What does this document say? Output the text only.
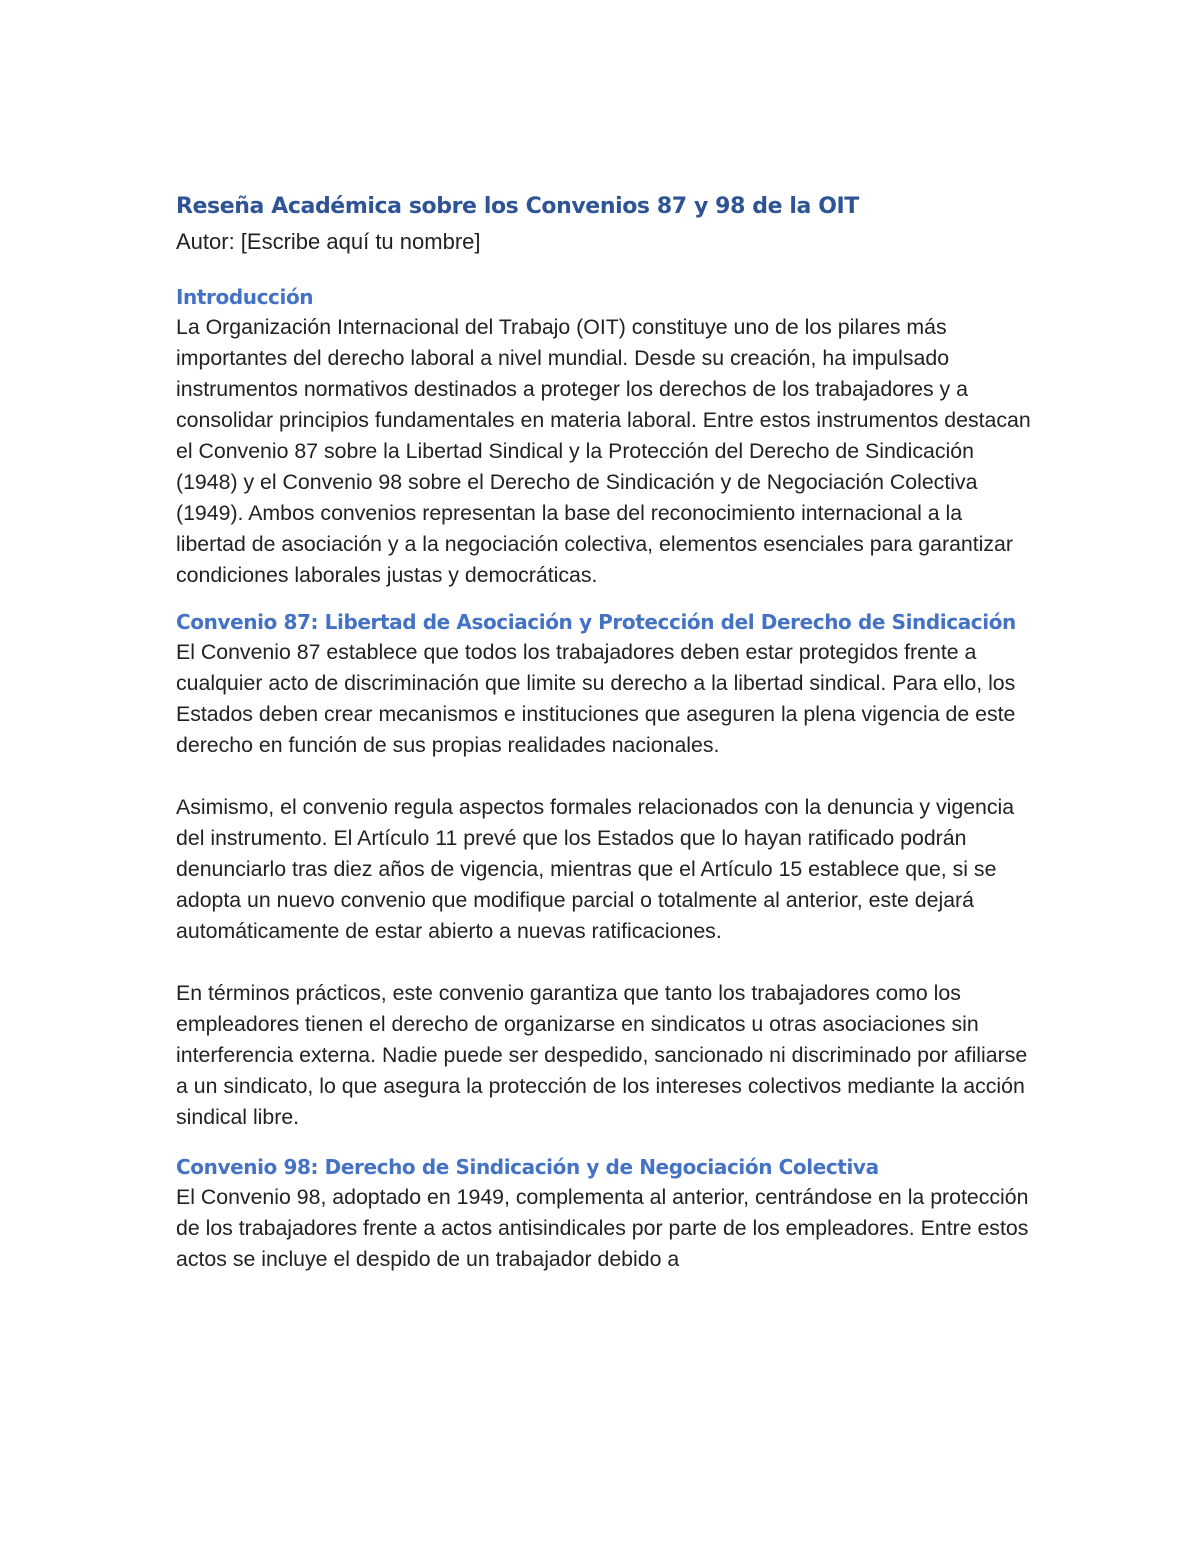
Reseña Académica sobre los Convenios 87 y 98 de la OIT

Autor: [Escribe aquí tu nombre]

Introducción

La Organización Internacional del Trabajo (OIT) constituye uno de los pilares más importantes del derecho laboral a nivel mundial. Desde su creación, ha impulsado instrumentos normativos destinados a proteger los derechos de los trabajadores y a consolidar principios fundamentales en materia laboral. Entre estos instrumentos destacan el Convenio 87 sobre la Libertad Sindical y la Protección del Derecho de Sindicación (1948) y el Convenio 98 sobre el Derecho de Sindicación y de Negociación Colectiva (1949). Ambos convenios representan la base del reconocimiento internacional a la libertad de asociación y a la negociación colectiva, elementos esenciales para garantizar condiciones laborales justas y democráticas.

Convenio 87: Libertad de Asociación y Protección del Derecho de Sindicación

El Convenio 87 establece que todos los trabajadores deben estar protegidos frente a cualquier acto de discriminación que limite su derecho a la libertad sindical. Para ello, los Estados deben crear mecanismos e instituciones que aseguren la plena vigencia de este derecho en función de sus propias realidades nacionales.

Asimismo, el convenio regula aspectos formales relacionados con la denuncia y vigencia del instrumento. El Artículo 11 prevé que los Estados que lo hayan ratificado podrán denunciarlo tras diez años de vigencia, mientras que el Artículo 15 establece que, si se adopta un nuevo convenio que modifique parcial o totalmente al anterior, este dejará automáticamente de estar abierto a nuevas ratificaciones.

En términos prácticos, este convenio garantiza que tanto los trabajadores como los empleadores tienen el derecho de organizarse en sindicatos u otras asociaciones sin interferencia externa. Nadie puede ser despedido, sancionado ni discriminado por afiliarse a un sindicato, lo que asegura la protección de los intereses colectivos mediante la acción sindical libre.

Convenio 98: Derecho de Sindicación y de Negociación Colectiva

El Convenio 98, adoptado en 1949, complementa al anterior, centrándose en la protección de los trabajadores frente a actos antisindicales por parte de los empleadores. Entre estos actos se incluye el despido de un trabajador debido a
